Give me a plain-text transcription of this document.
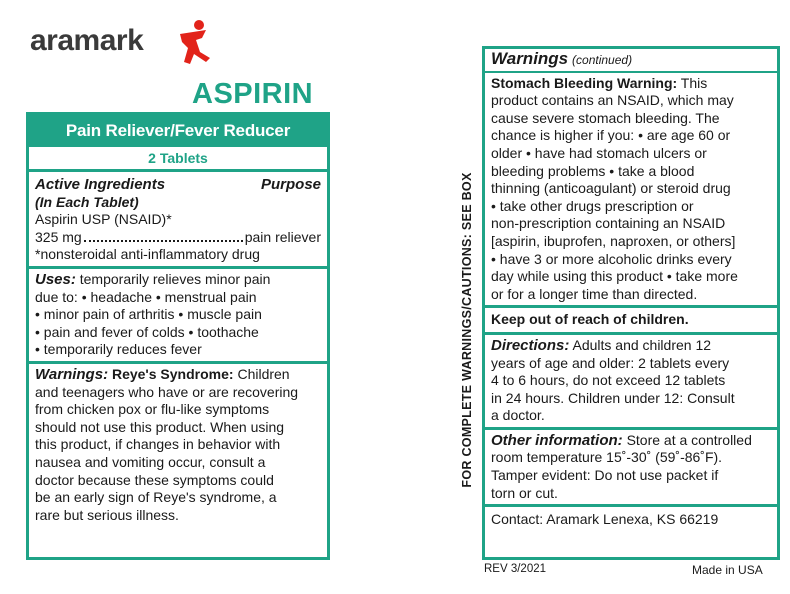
aramark
ASPIRIN
Pain Reliever/Fever Reducer
2 Tablets
Active Ingredients	Purpose
(In Each Tablet)
Aspirin USP (NSAID)*
325 mg	pain reliever
*nonsteroidal anti-inflammatory drug
Uses: temporarily relieves minor pain
due to: • headache • menstrual pain
• minor pain of arthritis • muscle pain
• pain and fever of colds • toothache
• temporarily reduces fever
Warnings: Reye's Syndrome: Children
and teenagers who have or are recovering
from chicken pox or flu-like symptoms
should not use this product. When using
this product, if changes in behavior with
nausea and vomiting occur, consult a
doctor because these symptoms could
be an early sign of Reye's syndrome, a
rare but serious illness.
FOR COMPLETE WARNINGS/CAUTIONS: SEE BOX
Warnings (continued)
Stomach Bleeding Warning: This
product contains an NSAID, which may
cause severe stomach bleeding. The
chance is higher if you: • are age 60 or
older • have had stomach ulcers or
bleeding problems • take a blood
thinning (anticoagulant) or steroid drug
• take other drugs prescription or
non-prescription containing an NSAID
[aspirin, ibuprofen, naproxen, or others]
• have 3 or more alcoholic drinks every
day while using this product • take more
or for a longer time than directed.
Keep out of reach of children.
Directions: Adults and children 12
years of age and older: 2 tablets every
4 to 6 hours, do not exceed 12 tablets
in 24 hours. Children under 12: Consult
a doctor.
Other information: Store at a controlled
room temperature 15˚-30˚ (59˚-86˚F).
Tamper evident: Do not use packet if
torn or cut.
Contact: Aramark Lenexa, KS 66219
REV 3/2021	Made in USA
